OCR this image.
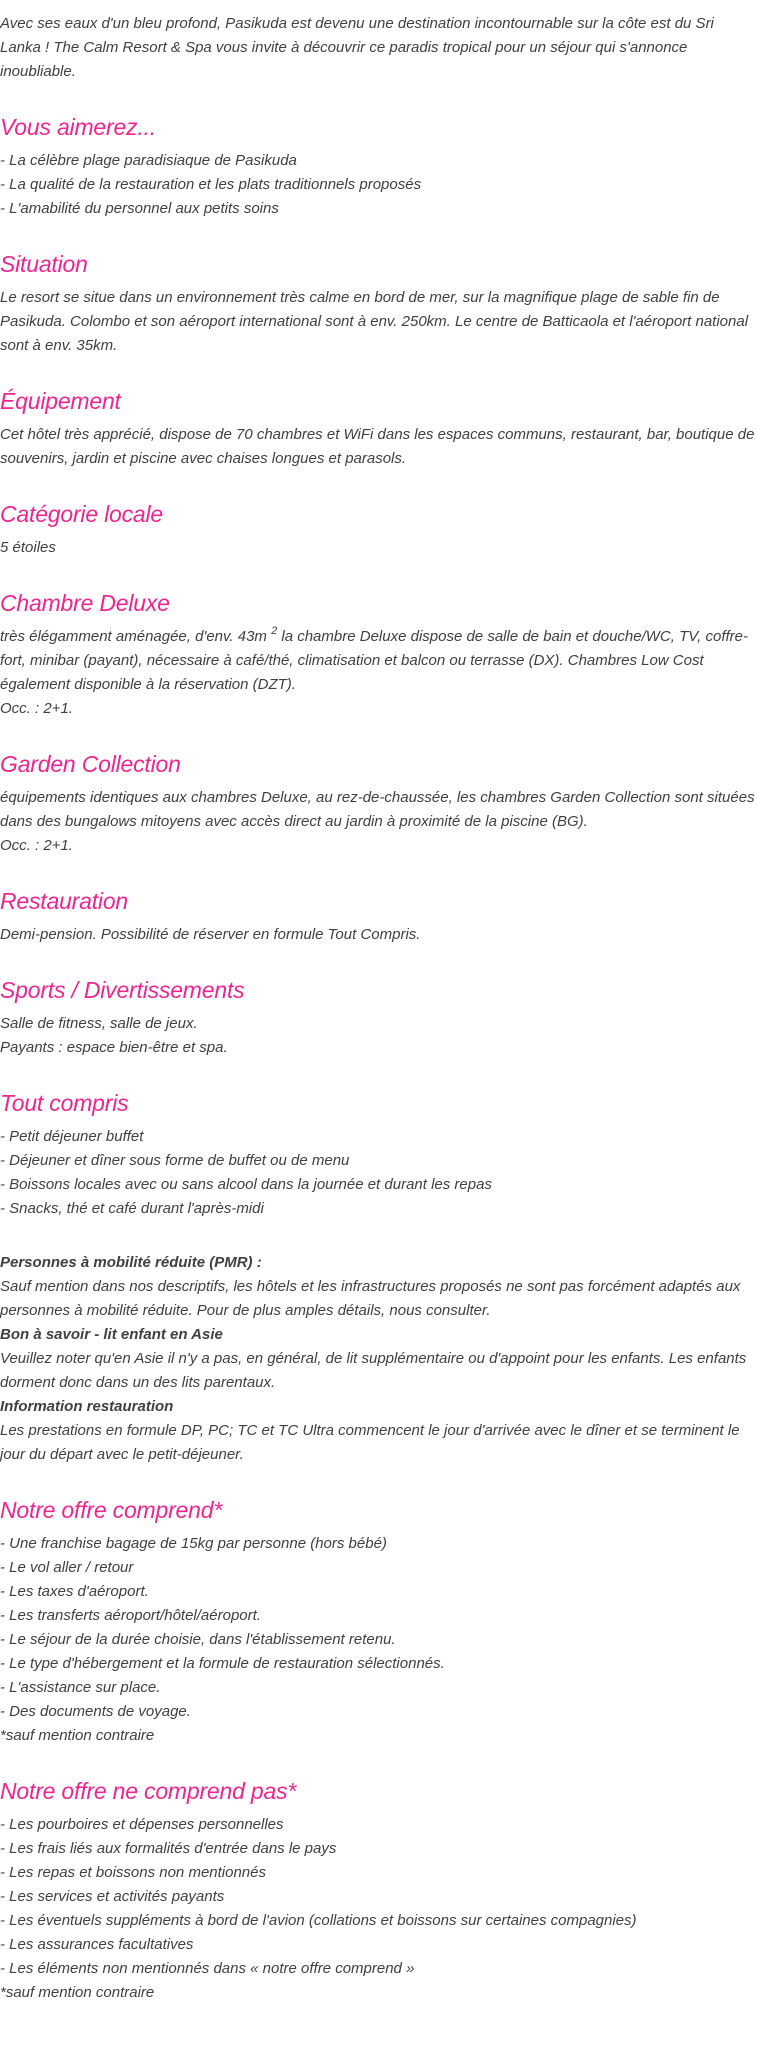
Avec ses eaux d'un bleu profond, Pasikuda est devenu une destination incontournable sur la côte est du Sri Lanka ! The Calm Resort & Spa vous invite à découvrir ce paradis tropical pour un séjour qui s'annonce inoubliable.

Vous aimerez...
- La célèbre plage paradisiaque de Pasikuda
- La qualité de la restauration et les plats traditionnels proposés
- L'amabilité du personnel aux petits soins
Situation

Le resort se situe dans un environnement très calme en bord de mer, sur la magnifique plage de sable fin de Pasikuda. Colombo et son aéroport international sont à env. 250km. Le centre de Batticaola et l'aéroport national sont à env. 35km.

Équipement

Cet hôtel très apprécié, dispose de 70 chambres et WiFi dans les espaces communs, restaurant, bar, boutique de souvenirs, jardin et piscine avec chaises longues et parasols.

Catégorie locale

5 étoiles

Chambre Deluxe

très élégamment aménagée, d'env. 43m $^2$ la chambre Deluxe dispose de salle de bain et douche/WC, TV, coffre-fort, minibar (payant), nécessaire à café/thé, climatisation et balcon ou terrasse (DX). Chambres Low Cost également disponible à la réservation (DZT).

Occ. : 2+1.

Garden Collection

équipements identiques aux chambres Deluxe, au rez-de-chaussée, les chambres Garden Collection sont situées dans des bungalows mitoyens avec accès direct au jardin à proximité de la piscine (BG).

Occ. : 2+1.

Restauration

Demi-pension. Possibilité de réserver en formule Tout Compris.

Sports / Divertissements

Salle de fitness, salle de jeux.

Payants : espace bien-être et spa.

Tout compris
- Petit déjeuner buffet
- Déjeuner et dîner sous forme de buffet ou de menu
- Boissons locales avec ou sans alcool dans la journée et durant les repas
- Snacks, thé et café durant l'après-midi
Personnes à mobilité réduite (PMR) :

Sauf mention dans nos descriptifs, les hôtels et les infrastructures proposés ne sont pas forcément adaptés aux personnes à mobilité réduite. Pour de plus amples détails, nous consulter.

Bon à savoir - lit enfant en Asie

Veuillez noter qu'en Asie il n'y a pas, en général, de lit supplémentaire ou d'appoint pour les enfants. Les enfants dorment donc dans un des lits parentaux.

Information restauration

Les prestations en formule DP, PC; TC et TC Ultra commencent le jour d'arrivée avec le dîner et se terminent le jour du départ avec le petit-déjeuner.

Notre offre comprend*
- Une franchise bagage de 15kg par personne (hors bébé)
- Le vol aller / retour
- Les taxes d'aéroport.
- Les transferts aéroport/hôtel/aéroport.
- Le séjour de la durée choisie, dans l'établissement retenu.
- Le type d'hébergement et la formule de restauration sélectionnés.
- L'assistance sur place.
- Des documents de voyage.

*sauf mention contraire

Notre offre ne comprend pas*
- Les pourboires et dépenses personnelles
- Les frais liés aux formalités d'entrée dans le pays
- Les repas et boissons non mentionnés
- Les services et activités payants
- Les éventuels suppléments à bord de l'avion (collations et boissons sur certaines compagnies)
- Les assurances facultatives
- Les éléments non mentionnés dans « notre offre comprend »

*sauf mention contraire
